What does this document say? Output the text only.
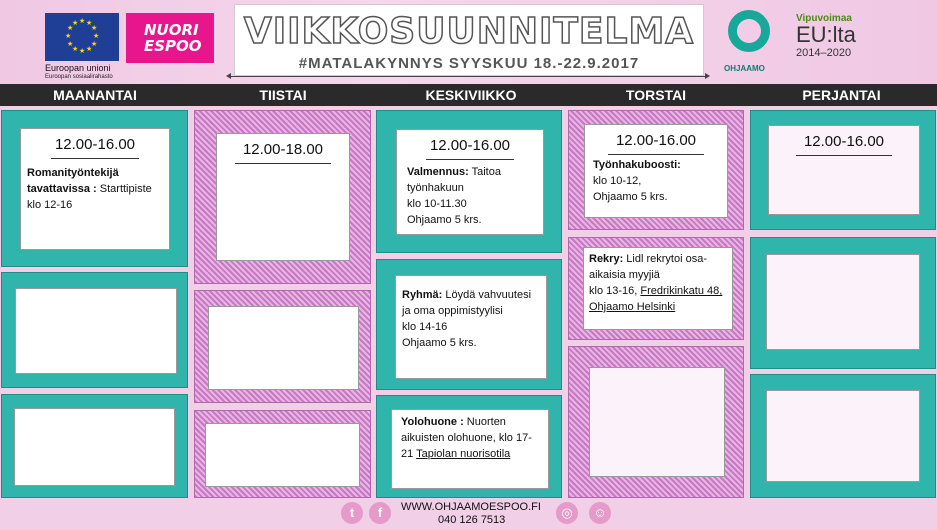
★ ★
★
★
★
★
★
★
★
★
★
★
Euroopan unioni
Euroopan sosiaalirahasto
NUORI
ESPOO	VIIKKOSUUNNITELMA
#MATALAKYNNYS SYYSKUU 18.-22.9.2017	OHJAAMO
Vipuvoimaa
EU:lta
2014–2020
MAANANTAI	TIISTAI	KESKIVIIKKO	TORSTAI	PERJANTAI
12.00-16.00
Romanityöntekijä tavattavissa : Starttipiste klo 12-16
12.00-18.00	12.00-16.00
Valmennus: Taitoa työnhakuun
klo 10-11.30
Ohjaamo 5 krs.
Ryhmä: Löydä vahvuutesi ja oma oppimistyylisi
klo 14-16
Ohjaamo 5 krs.
Yolohuone : Nuorten aikuisten olohuone, klo 17-21 Tapiolan nuorisotila
12.00-16.00
Työnhakuboosti:
klo 10-12,
Ohjaamo 5 krs.
Rekry: Lidl rekrytoi osa-aikaisia myyjiä
klo 13-16, Fredrikinkatu 48, Ohjaamo Helsinki
12.00-16.00
t	f	WWW.OHJAAMOESPOO.FI
040 126 7513	◎	☺
